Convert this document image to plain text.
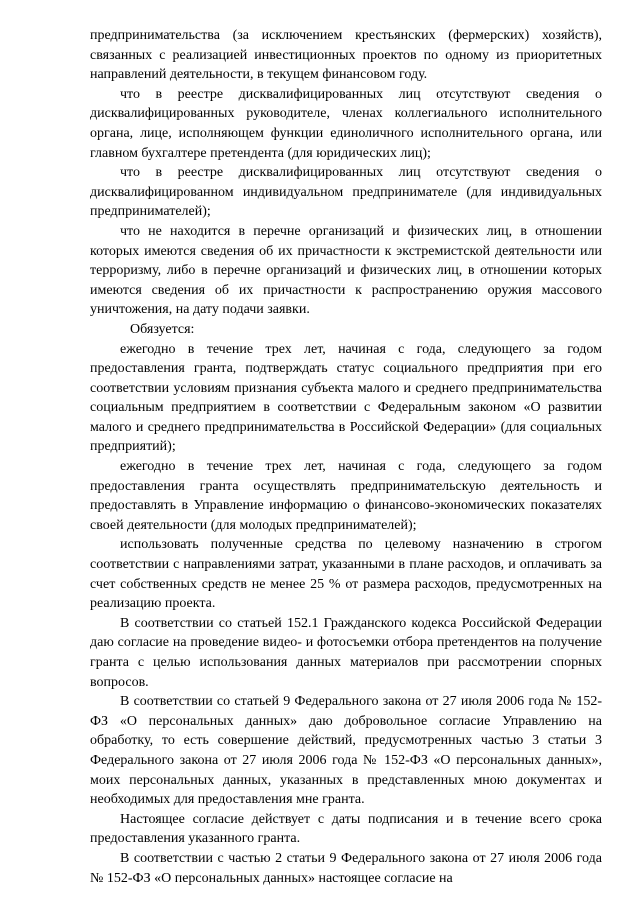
предпринимательства (за исключением крестьянских (фермерских) хозяйств), связанных с реализацией инвестиционных проектов по одному из приоритетных направлений деятельности, в текущем финансовом году.

что в реестре дисквалифицированных лиц отсутствуют сведения о дисквалифицированных руководителе, членах коллегиального исполнительного органа, лице, исполняющем функции единоличного исполнительного органа, или главном бухгалтере претендента (для юридических лиц);

что в реестре дисквалифицированных лиц отсутствуют сведения о дисквалифицированном индивидуальном предпринимателе (для индивидуальных предпринимателей);

что не находится в перечне организаций и физических лиц, в отношении которых имеются сведения об их причастности к экстремистской деятельности или терроризму, либо в перечне организаций и физических лиц, в отношении которых имеются сведения об их причастности к распространению оружия массового уничтожения, на дату подачи заявки.

Обязуется:

ежегодно в течение трех лет, начиная с года, следующего за годом предоставления гранта, подтверждать статус социального предприятия при его соответствии условиям признания субъекта малого и среднего предпринимательства социальным предприятием в соответствии с Федеральным законом «О развитии малого и среднего предпринимательства в Российской Федерации» (для социальных предприятий);

ежегодно в течение трех лет, начиная с года, следующего за годом предоставления гранта осуществлять предпринимательскую деятельность и предоставлять в Управление информацию о финансово-экономических показателях своей деятельности (для молодых предпринимателей);

использовать полученные средства по целевому назначению в строгом соответствии с направлениями затрат, указанными в плане расходов, и оплачивать за счет собственных средств не менее 25 % от размера расходов, предусмотренных на реализацию проекта.

В соответствии со статьей 152.1 Гражданского кодекса Российской Федерации даю согласие на проведение видео- и фотосъемки отбора претендентов на получение гранта с целью использования данных материалов при рассмотрении спорных вопросов.

В соответствии со статьей 9 Федерального закона от 27 июля 2006 года № 152-ФЗ «О персональных данных» даю добровольное согласие Управлению на обработку, то есть совершение действий, предусмотренных частью 3 статьи 3 Федерального закона от 27 июля 2006 года № 152-ФЗ «О персональных данных», моих персональных данных, указанных в представленных мною документах и необходимых для предоставления мне гранта.

Настоящее согласие действует с даты подписания и в течение всего срока предоставления указанного гранта.

В соответствии с частью 2 статьи 9 Федерального закона от 27 июля 2006 года № 152-ФЗ «О персональных данных» настоящее согласие на
